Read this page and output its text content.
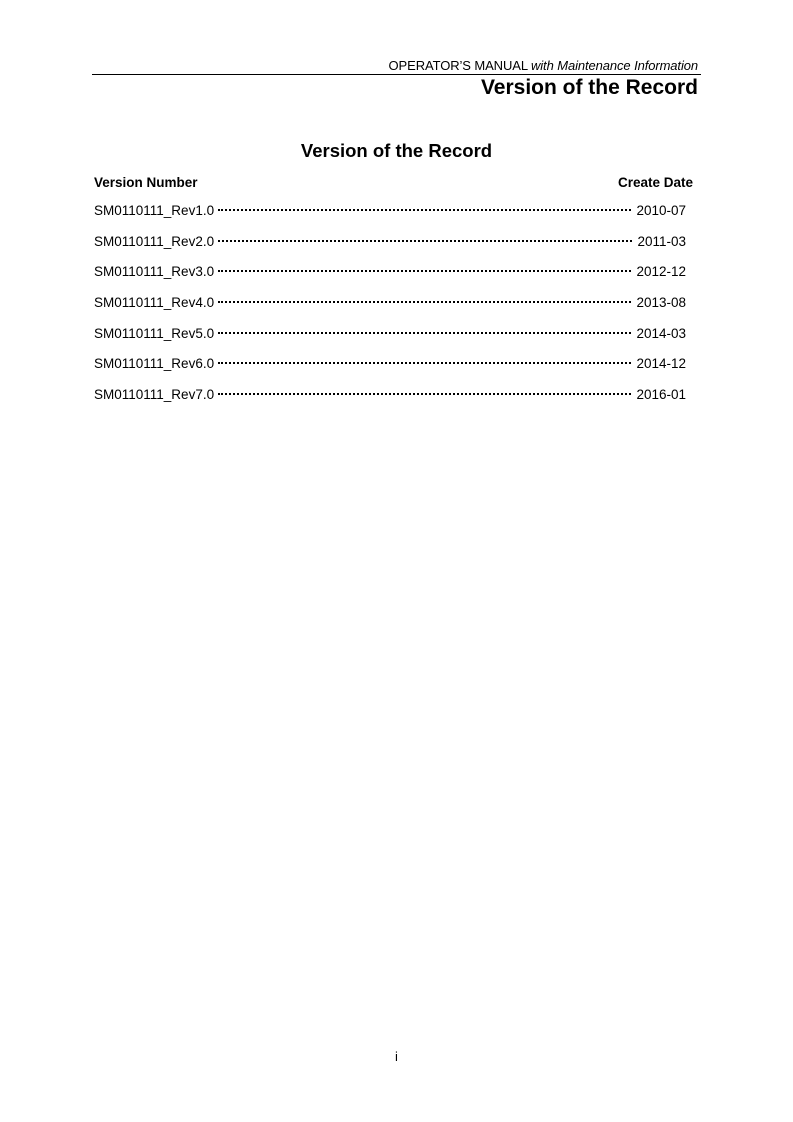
OPERATOR’S MANUAL with Maintenance Information
Version of the Record
Version of the Record
Version Number	Create Date
SM0110111_Rev1.0	2010-07
SM0110111_Rev2.0	2011-03
SM0110111_Rev3.0	2012-12
SM0110111_Rev4.0	2013-08
SM0110111_Rev5.0	2014-03
SM0110111_Rev6.0	2014-12
SM0110111_Rev7.0	2016-01
i
